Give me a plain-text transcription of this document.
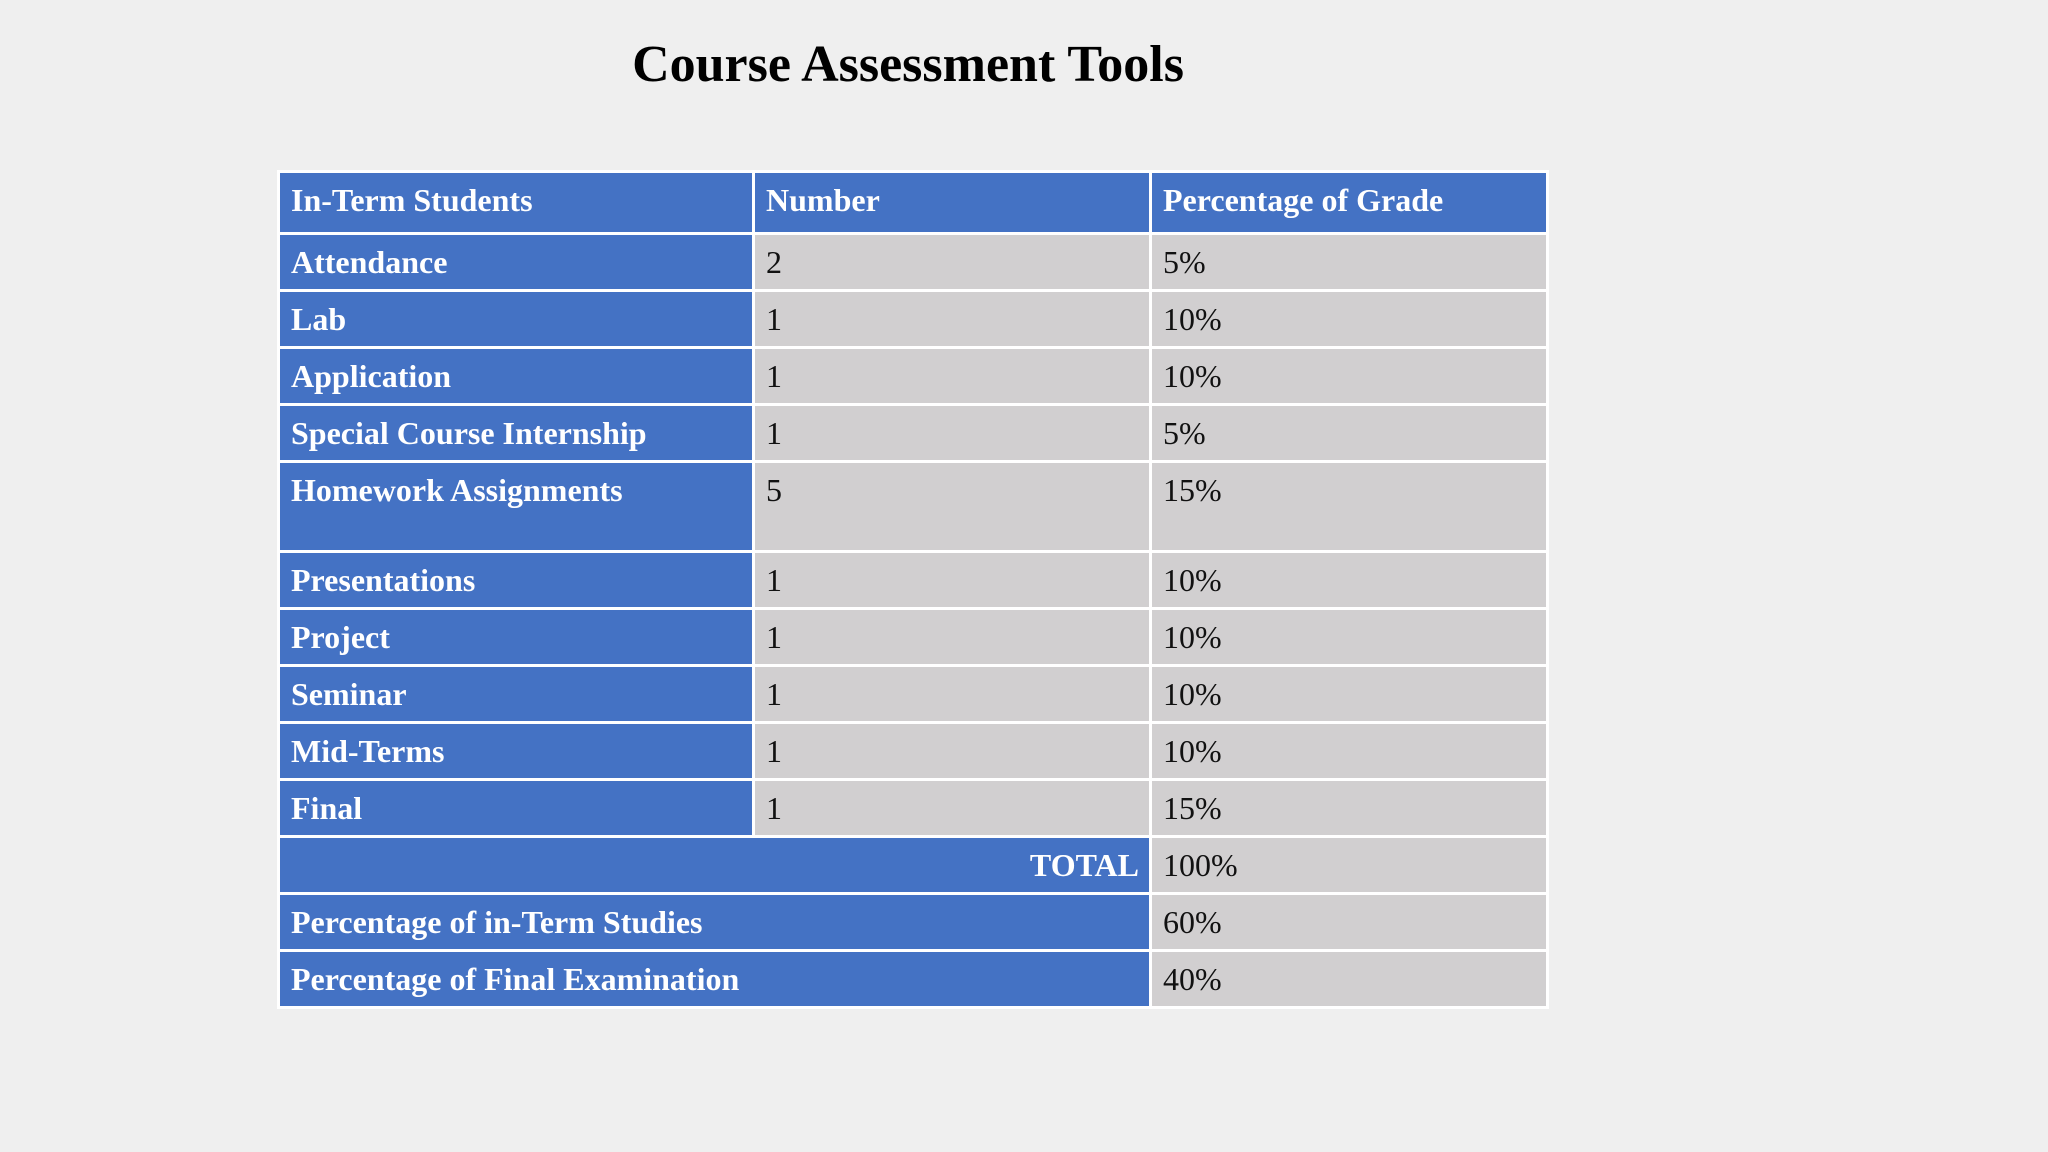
Course Assessment Tools
In-Term Students	Number	Percentage of Grade
Attendance	2	5%
Lab	1	10%
Application	1	10%
Special Course Internship	1	5%
Homework Assignments	5	15%
Presentations	1	10%
Project	1	10%
Seminar	1	10%
Mid-Terms	1	10%
Final	1	15%
TOTAL		100%
Percentage of in-Term Studies		60%
Percentage of Final Examination		40%
